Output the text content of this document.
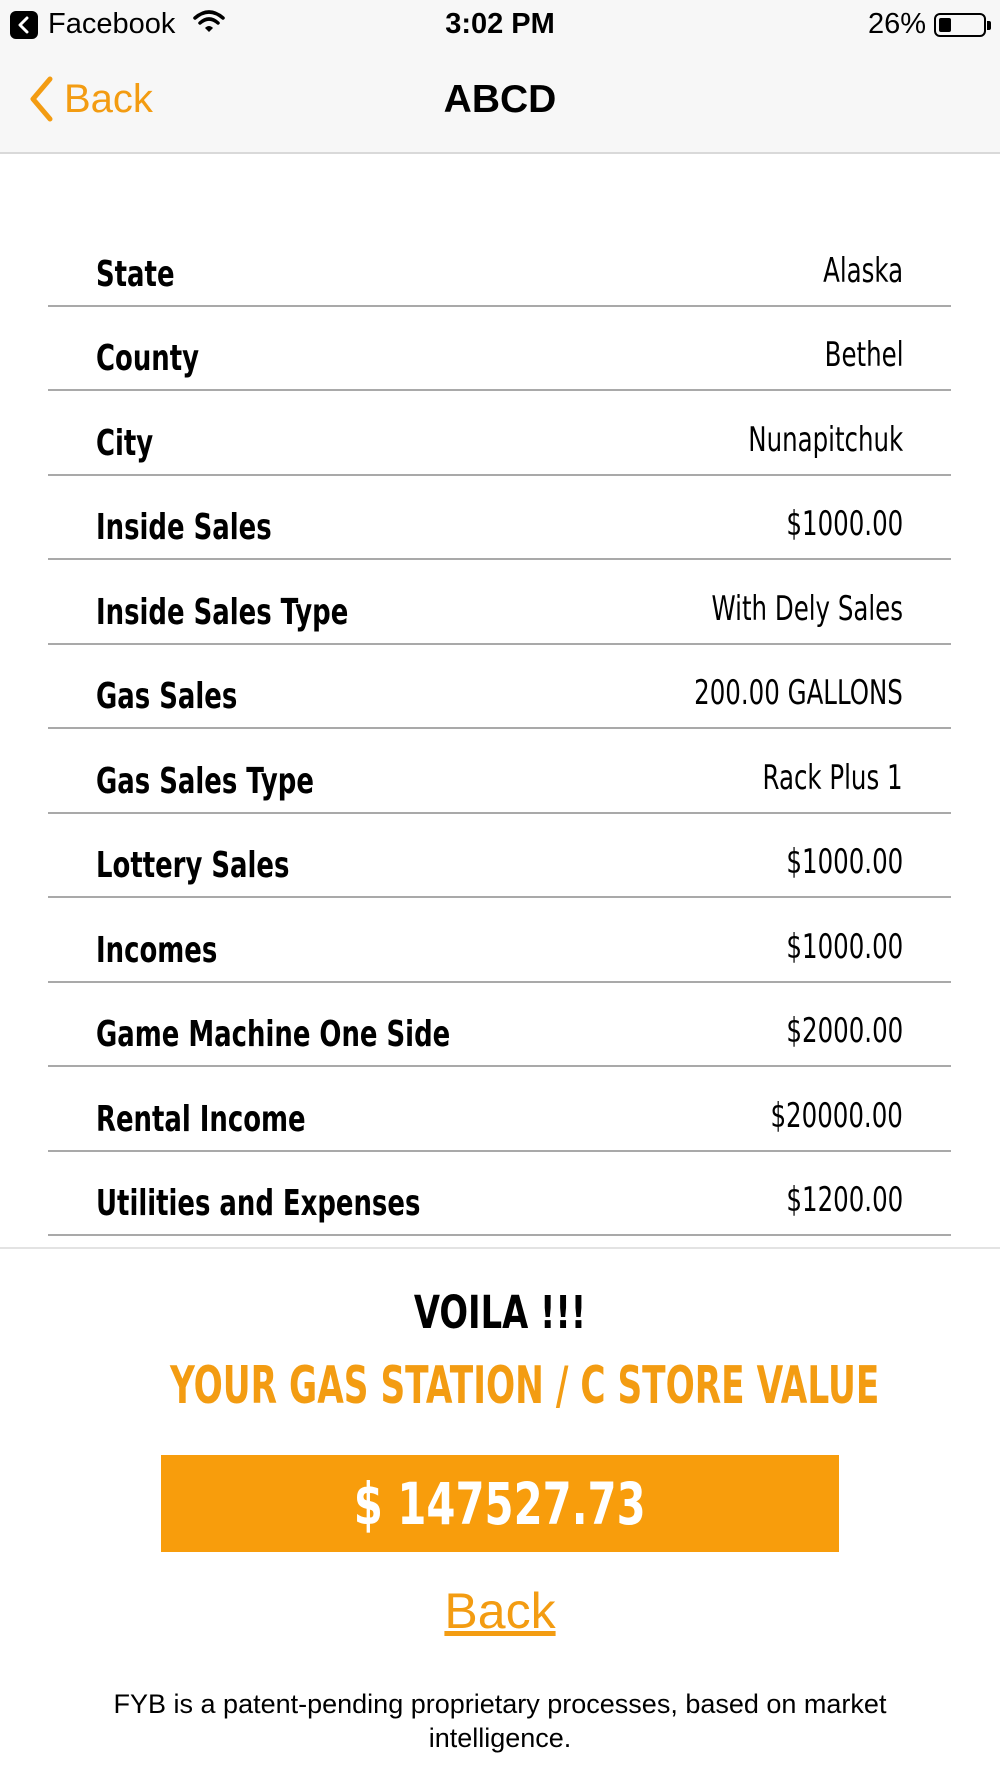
Facebook	3:02 PM	26%
Back	ABCD
State	Alaska
County	Bethel
City	Nunapitchuk
Inside Sales	$1000.00
Inside Sales Type	With Dely Sales
Gas Sales	200.00 GALLONS
Gas Sales Type	Rack Plus 1
Lottery Sales	$1000.00
Incomes	$1000.00
Game Machine One Side	$2000.00
Rental Income	$20000.00
Utilities and Expenses	$1200.00
VOILA !!!
YOUR GAS STATION / C STORE VALUE
$ 147527.73
Back
FYB is a patent-pending proprietary processes, based on market intelligence.
